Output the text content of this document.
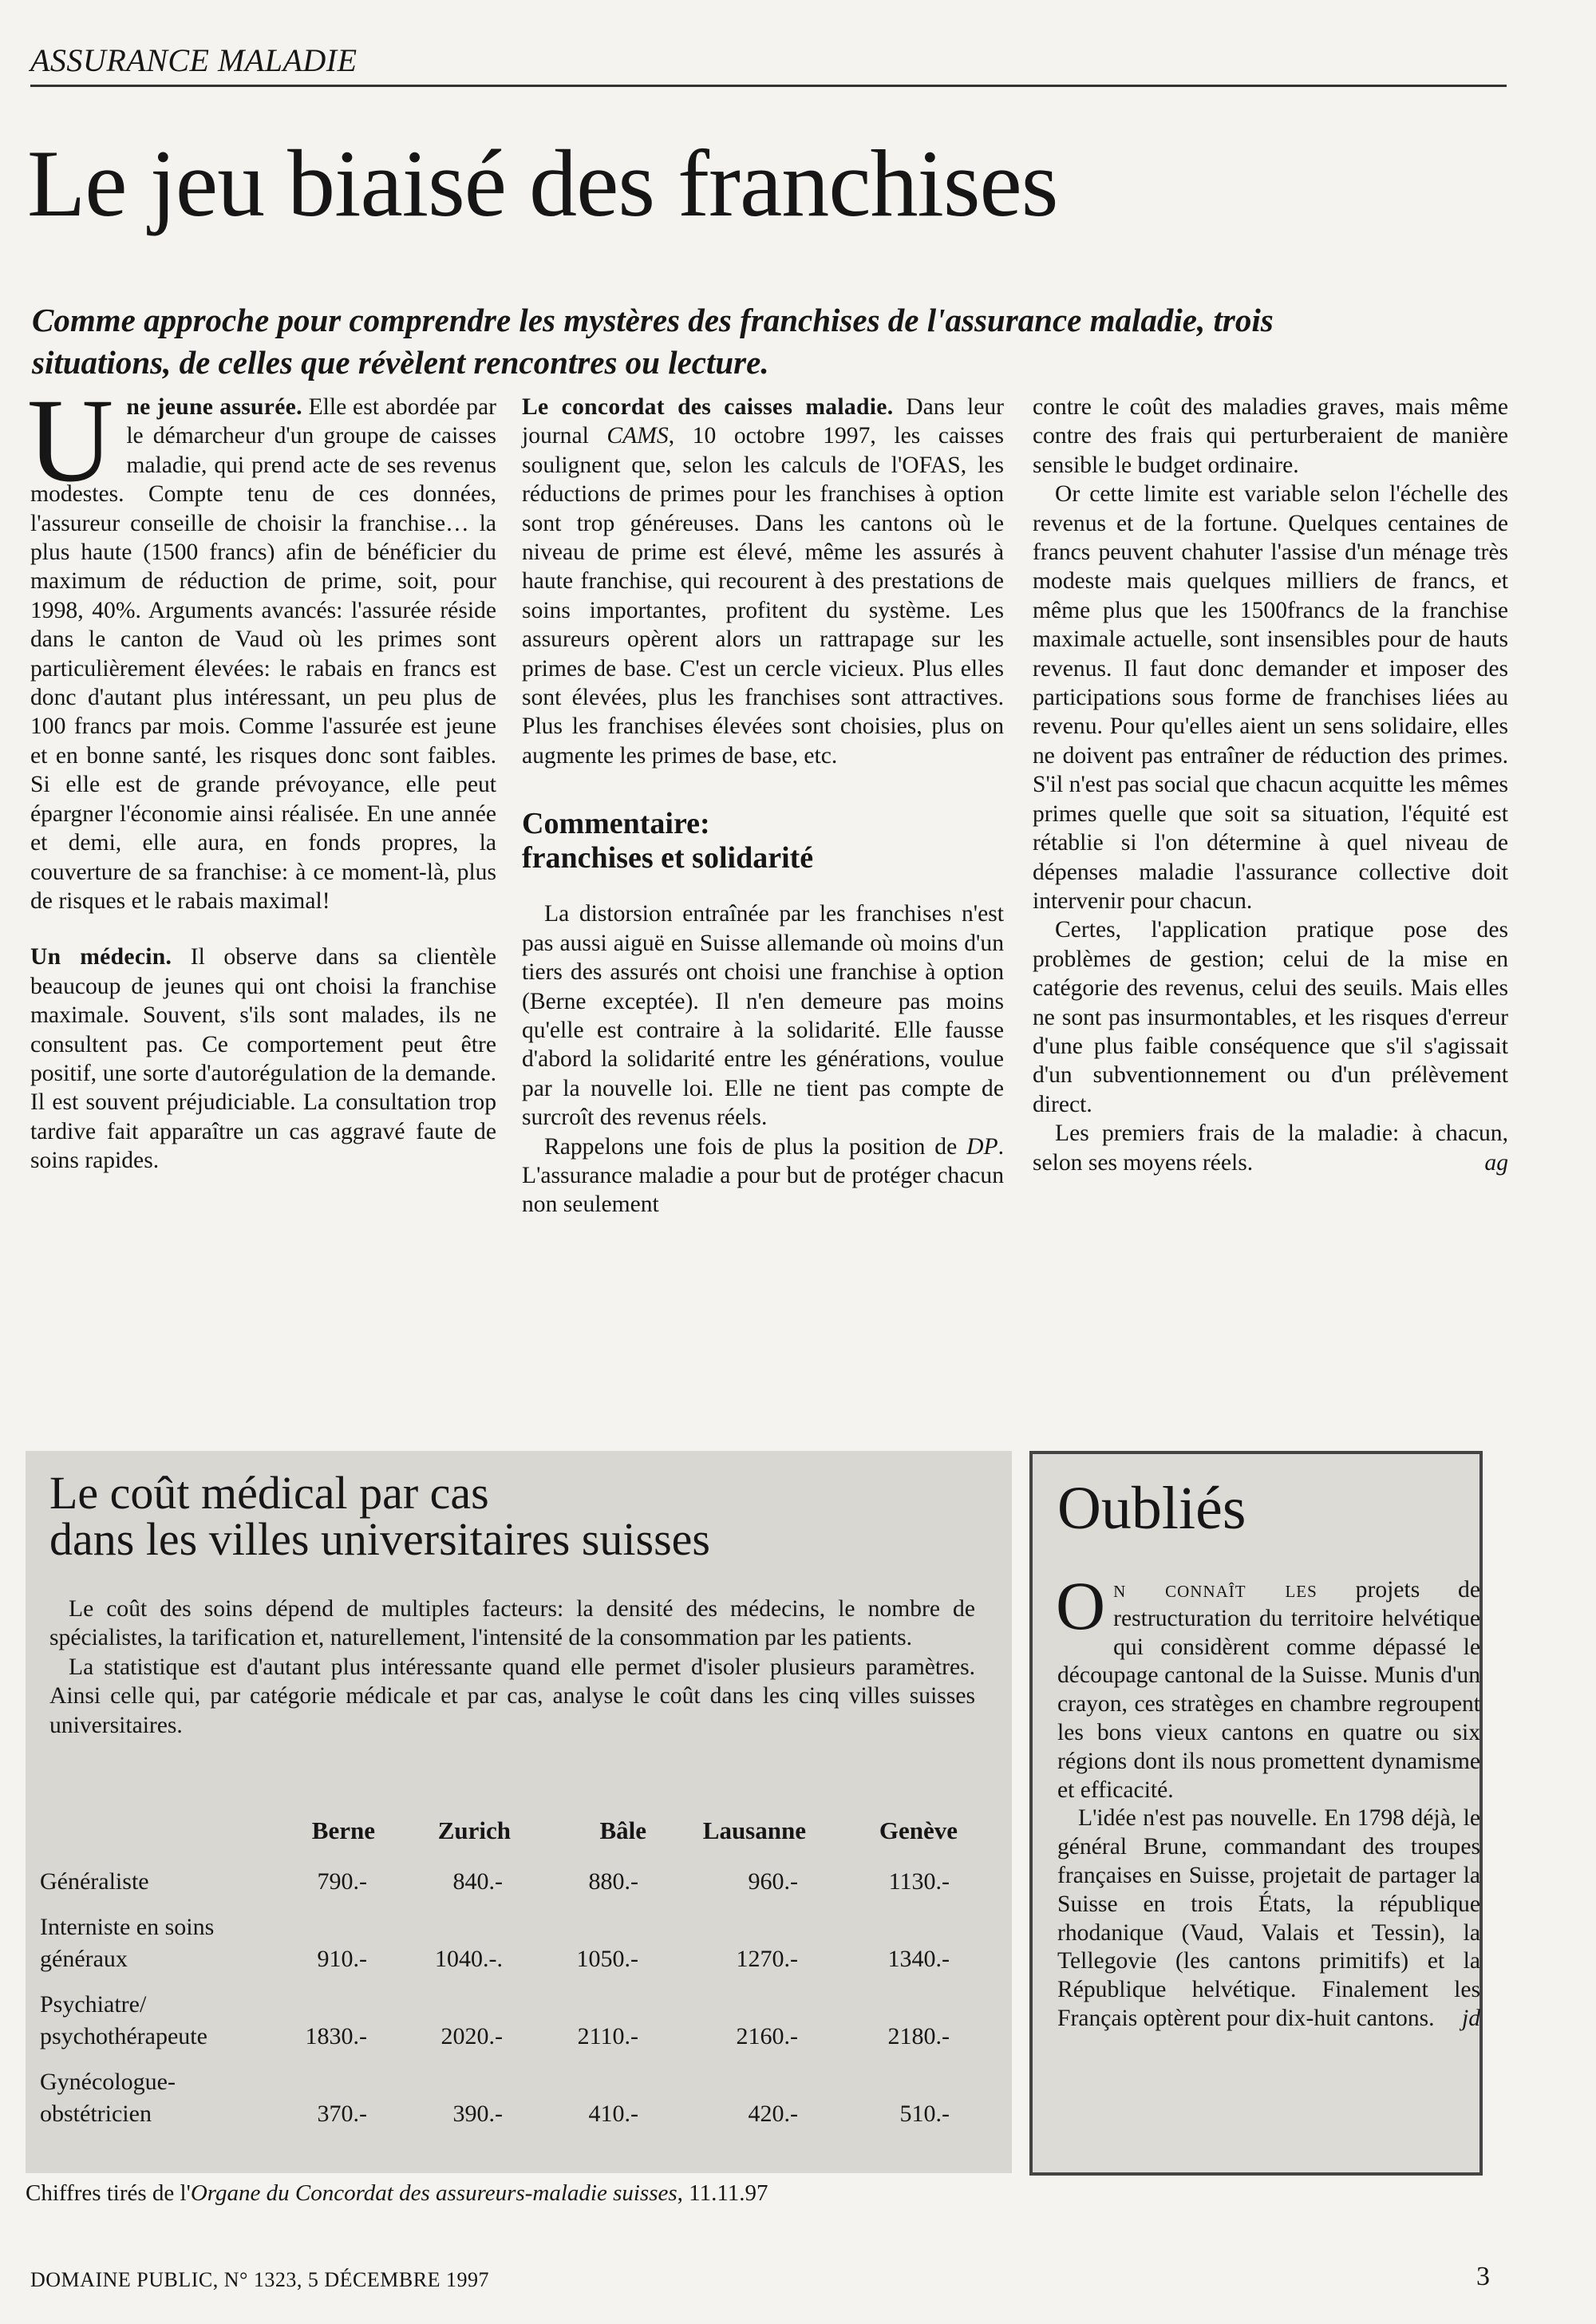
ASSURANCE MALADIE
Le jeu biaisé des franchises
Comme approche pour comprendre les mystères des franchises de l'assurance maladie, trois situations, de celles que révèlent rencontres ou lecture.

Une jeune assurée. Elle est abordée par le démarcheur d'un groupe de caisses maladie, qui prend acte de ses revenus modestes. Compte tenu de ces données, l'assureur conseille de choisir la franchise… la plus haute (1500 francs) afin de bénéficier du maximum de réduction de prime, soit, pour 1998, 40%. Arguments avancés: l'assurée réside dans le canton de Vaud où les primes sont particulièrement élevées: le rabais en francs est donc d'autant plus intéressant, un peu plus de 100 francs par mois. Comme l'assurée est jeune et en bonne santé, les risques donc sont faibles. Si elle est de grande prévoyance, elle peut épargner l'économie ainsi réalisée. En une année et demi, elle aura, en fonds propres, la couverture de sa franchise: à ce moment-là, plus de risques et le rabais maximal!

Un médecin. Il observe dans sa clientèle beaucoup de jeunes qui ont choisi la franchise maximale. Souvent, s'ils sont malades, ils ne consultent pas. Ce comportement peut être positif, une sorte d'autorégulation de la demande. Il est souvent préjudiciable. La consultation trop tardive fait apparaître un cas aggravé faute de soins rapides.

Le concordat des caisses maladie. Dans leur journal CAMS, 10 octobre 1997, les caisses soulignent que, selon les calculs de l'OFAS, les réductions de primes pour les franchises à option sont trop généreuses. Dans les cantons où le niveau de prime est élevé, même les assurés à haute franchise, qui recourent à des prestations de soins importantes, profitent du système. Les assureurs opèrent alors un rattrapage sur les primes de base. C'est un cercle vicieux. Plus elles sont élevées, plus les franchises sont attractives. Plus les franchises élevées sont choisies, plus on augmente les primes de base, etc.

Commentaire:
franchises et solidarité

La distorsion entraînée par les franchises n'est pas aussi aiguë en Suisse allemande où moins d'un tiers des assurés ont choisi une franchise à option (Berne exceptée). Il n'en demeure pas moins qu'elle est contraire à la solidarité. Elle fausse d'abord la solidarité entre les générations, voulue par la nouvelle loi. Elle ne tient pas compte de surcroît des revenus réels.

Rappelons une fois de plus la position de DP. L'assurance maladie a pour but de protéger chacun non seulement

contre le coût des maladies graves, mais même contre des frais qui perturberaient de manière sensible le budget ordinaire.

Or cette limite est variable selon l'échelle des revenus et de la fortune. Quelques centaines de francs peuvent chahuter l'assise d'un ménage très modeste mais quelques milliers de francs, et même plus que les 1500francs de la franchise maximale actuelle, sont insensibles pour de hauts revenus. Il faut donc demander et imposer des participations sous forme de franchises liées au revenu. Pour qu'elles aient un sens solidaire, elles ne doivent pas entraîner de réduction des primes. S'il n'est pas social que chacun acquitte les mêmes primes quelle que soit sa situation, l'équité est rétablie si l'on détermine à quel niveau de dépenses maladie l'assurance collective doit intervenir pour chacun.

Certes, l'application pratique pose des problèmes de gestion; celui de la mise en catégorie des revenus, celui des seuils. Mais elles ne sont pas insurmontables, et les risques d'erreur d'une plus faible conséquence que s'il s'agissait d'un subventionnement ou d'un prélèvement direct.

Les premiers frais de la maladie: à chacun, selon ses moyens réels.	ag

Le coût médical par cas
dans les villes universitaires suisses

Le coût des soins dépend de multiples facteurs: la densité des médecins, le nombre de spécialistes, la tarification et, naturellement, l'intensité de la consommation par les patients.

La statistique est d'autant plus intéressante quand elle permet d'isoler plusieurs paramètres. Ainsi celle qui, par catégorie médicale et par cas, analyse le coût dans les cinq villes suisses universitaires.

	Berne	Zurich	Bâle	Lausanne	Genève
Généraliste	790.-	840.-	880.-	960.-	1130.-
Interniste en soins généraux	910.-	1040.-.	1050.-	1270.-	1340.-
Psychiatre/ psychothérapeute	1830.-	2020.-	2110.-	2160.-	2180.-
Gynécologue-obstétricien	370.-	390.-	410.-	420.-	510.-
Chiffres tirés de l'Organe du Concordat des assureurs-maladie suisses, 11.11.97
Oubliés

On connaît les projets de restructuration du territoire helvétique qui considèrent comme dépassé le découpage cantonal de la Suisse. Munis d'un crayon, ces stratèges en chambre regroupent les bons vieux cantons en quatre ou six régions dont ils nous promettent dynamisme et efficacité.

L'idée n'est pas nouvelle. En 1798 déjà, le général Brune, commandant des troupes françaises en Suisse, projetait de partager la Suisse en trois États, la république rhodanique (Vaud, Valais et Tessin), la Tellegovie (les cantons primitifs) et la République helvétique. Finalement les Français optèrent pour dix-huit cantons.	jd

DOMAINE PUBLIC, N° 1323, 5 DÉCEMBRE 1997	3
